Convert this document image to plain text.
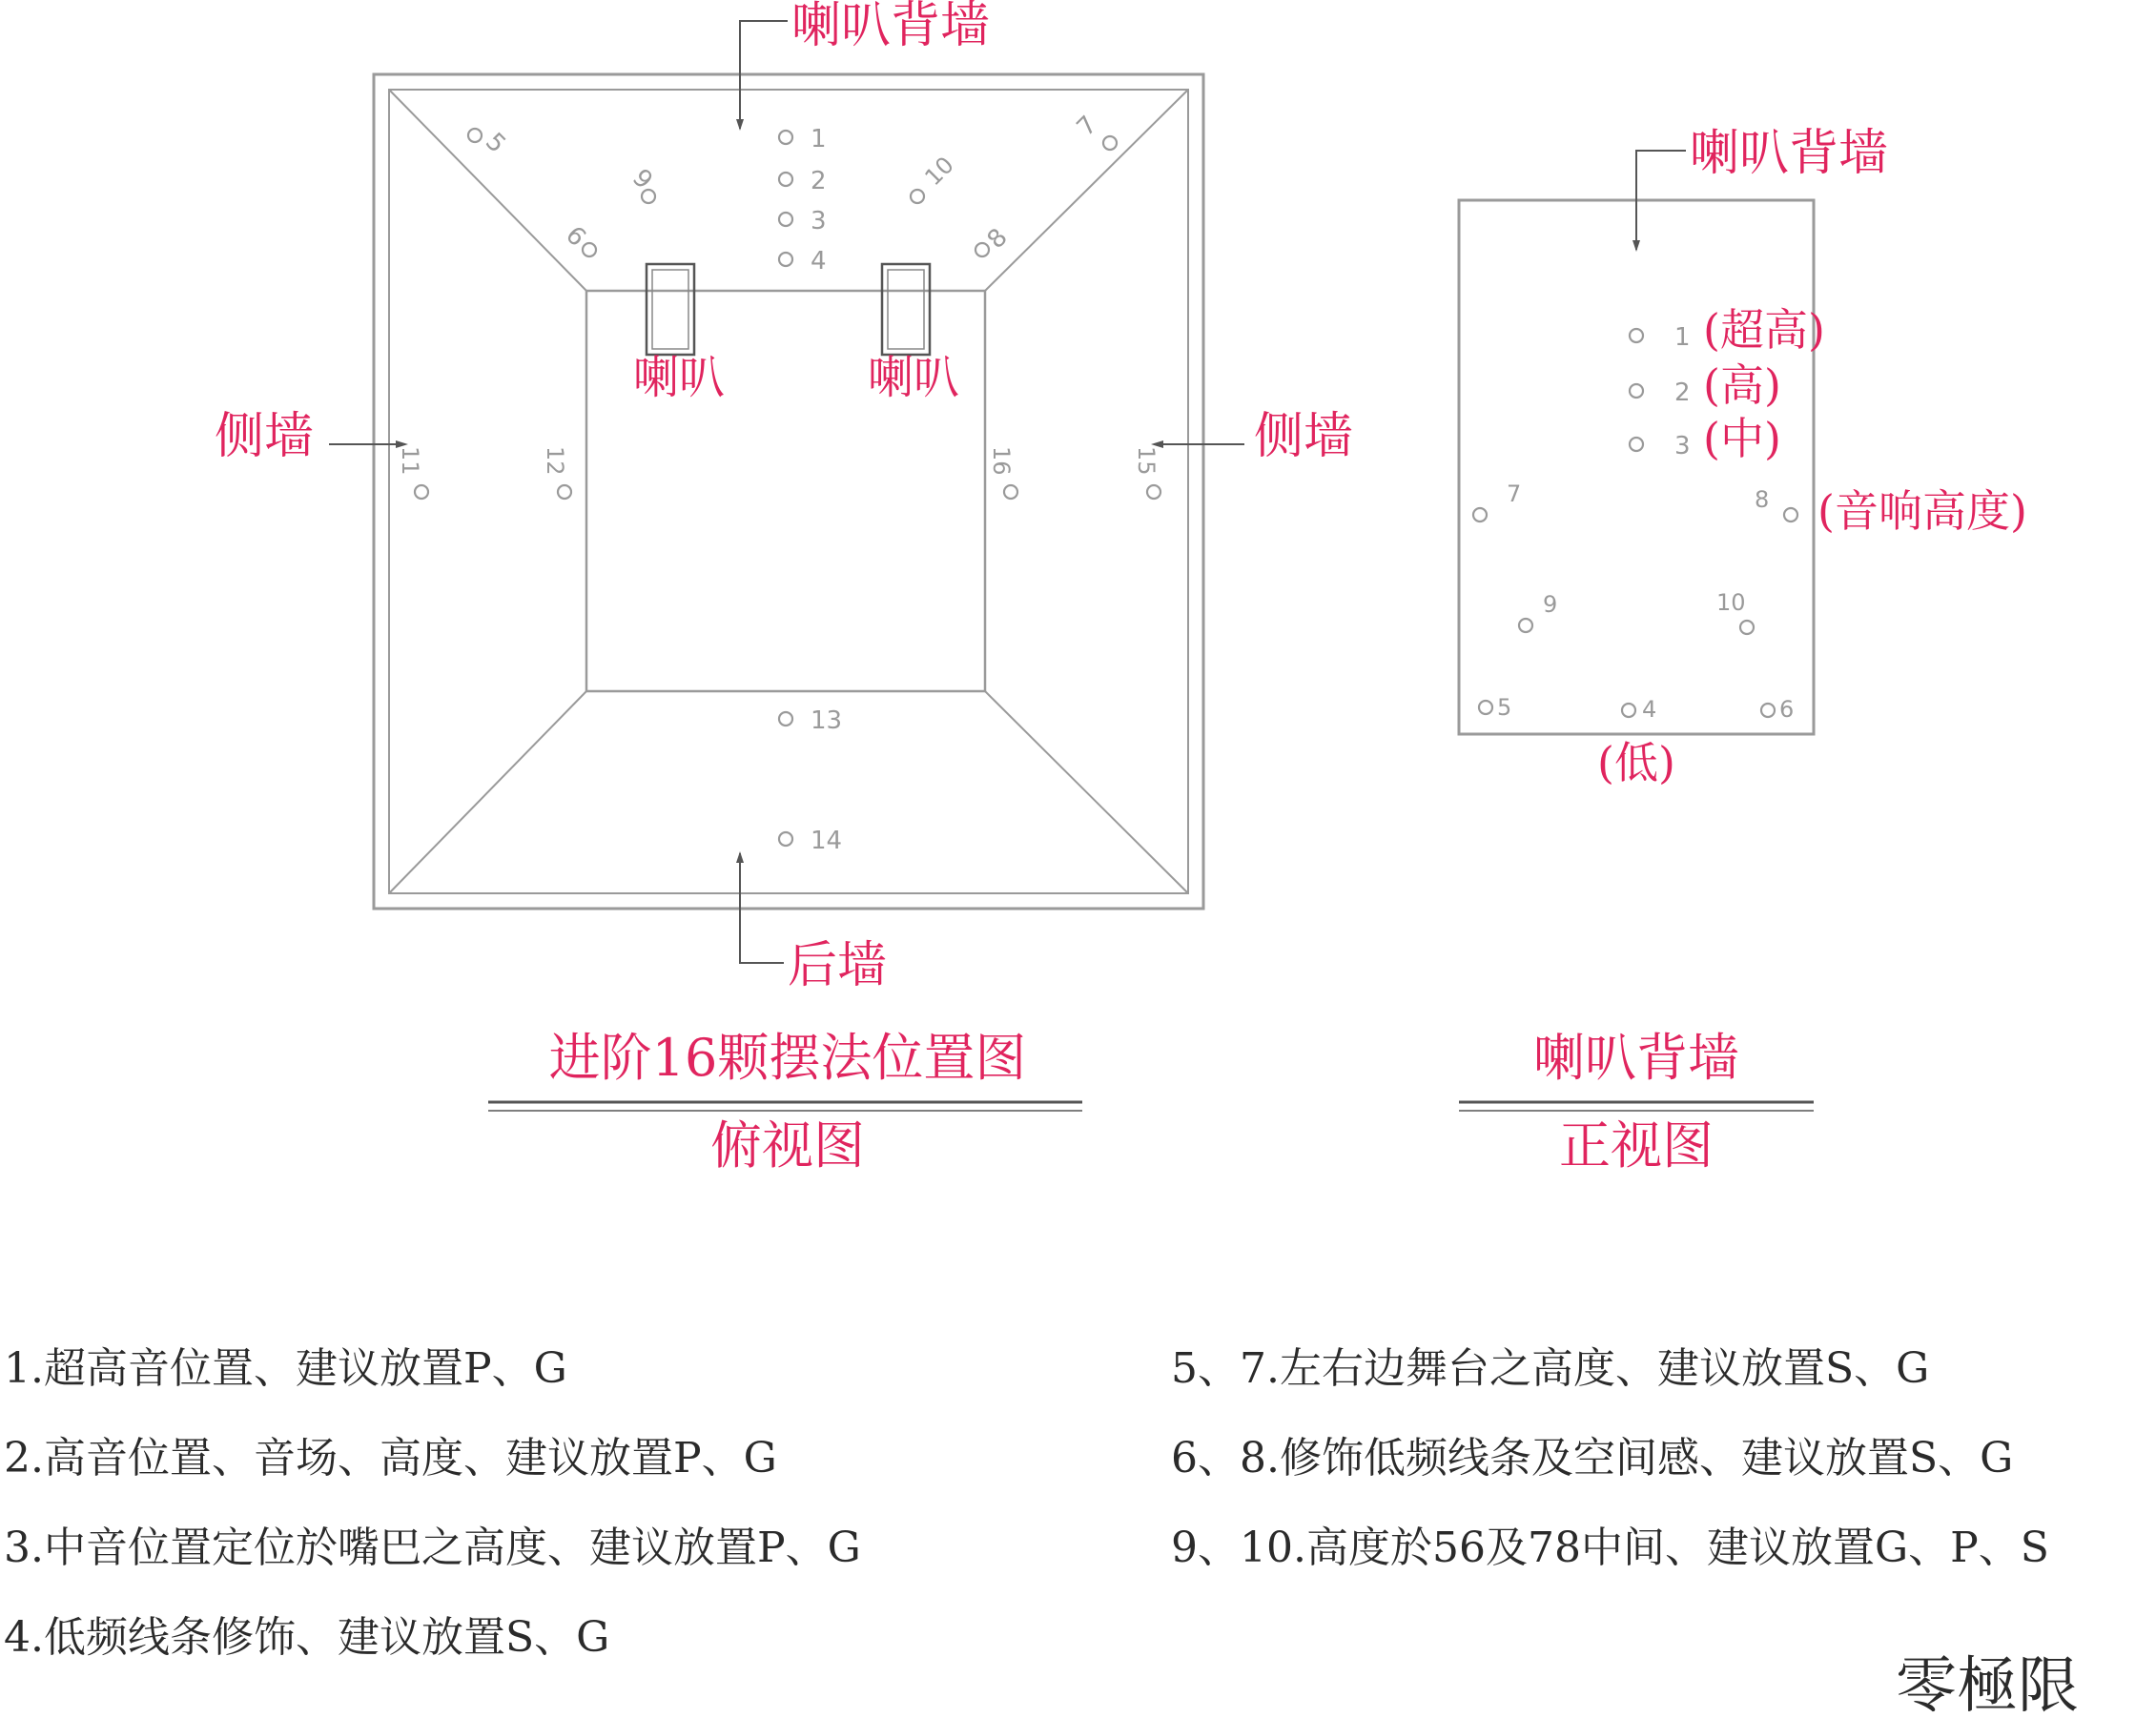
喇叭	喇叭
喇叭背墙
后墙
侧墙	侧墙
1
2
3
4
5
6
7
8
9	10
11	12
13
14
15
16
进阶16颗摆法位置图
俯视图
喇叭背墙
1
2
3
4
5	6
7	8
9	10
(超高)
(高)
(中)
(音响高度)
(低)
喇叭背墙
正视图
1.超高音位置、建议放置P、G
2.高音位置、音场、高度、建议放置P、G
3.中音位置定位於嘴巴之高度、建议放置P、G
4.低频线条修饰、建议放置S、G
5、7.左右边舞台之高度、建议放置S、G
6、8.修饰低频线条及空间感、建议放置S、G
9、10.高度於56及78中间、建议放置G、P、S
零極限
